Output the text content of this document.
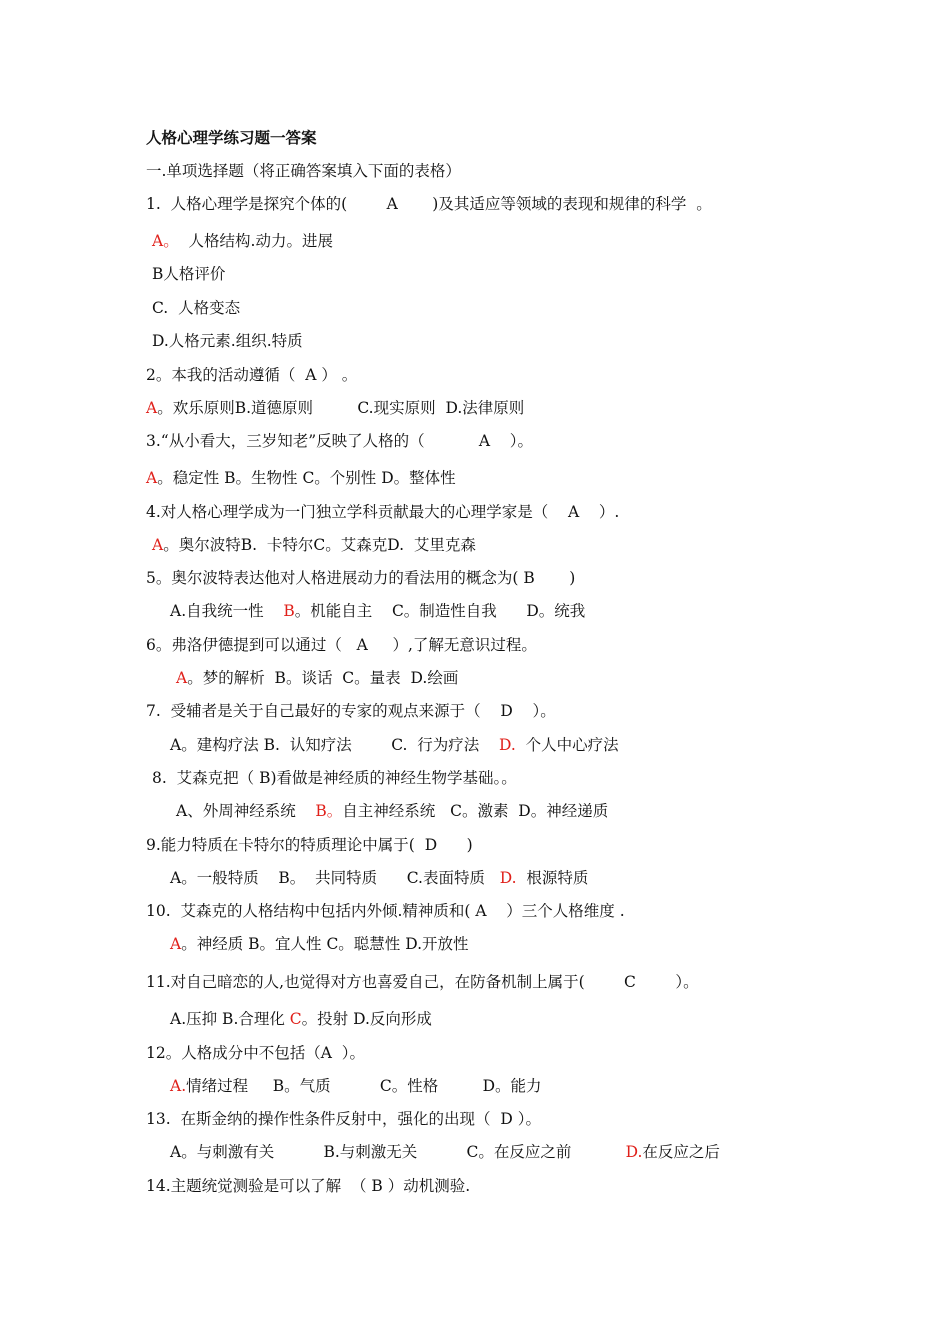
人格心理学练习题一答案
一.单项选择题（将正确答案填入下面的表格）
1.  人格心理学是探究个体的(        A       )及其适应等领域的表现和规律的科学  。
A。  人格结构.动力。进展
B人格评价
C.  人格变态
D.人格元素.组织.特质
2。本我的活动遵循（  A ） 。
A。欢乐原则B.道德原则         C.现实原则  D.法律原则
3.“从小看大，三岁知老”反映了人格的（           A    ）。
A。稳定性 B。生物性 C。个别性 D。整体性
4.对人格心理学成为一门独立学科贡献最大的心理学家是（    A    ）.
A。奥尔波特B.  卡特尔C。艾森克D.  艾里克森
5。奥尔波特表达他对人格进展动力的看法用的概念为( B       )
A.自我统一性    B。机能自主    C。制造性自我      D。统我
6。弗洛伊德提到可以通过（   A     ）,了解无意识过程。
A。梦的解析  B。谈话  C。量表  D.绘画
7.  受辅者是关于自己最好的专家的观点来源于（    D    ）。
A。建构疗法 B.  认知疗法        C.  行为疗法    D.  个人中心疗法
8.  艾森克把（ B)看做是神经质的神经生物学基础。。
A、外周神经系统    B。自主神经系统   C。激素  D。神经递质
9.能力特质在卡特尔的特质理论中属于(  D      )
A。一般特质    B。  共同特质      C.表面特质   D.  根源特质
10.  艾森克的人格结构中包括内外倾.精神质和( A    ）三个人格维度 .
A。神经质 B。宜人性 C。聪慧性 D.开放性
11.对自己暗恋的人,也觉得对方也喜爱自己，在防备机制上属于(        C        ）。
A.压抑 B.合理化 C。投射 D.反向形成
12。人格成分中不包括（A  ）。
A.情绪过程     B。气质          C。性格         D。能力
13.  在斯金纳的操作性条件反射中，强化的出现（  D ）。
A。与刺激有关          B.与刺激无关          C。在反应之前           D.在反应之后
14.主题统觉测验是可以了解  （ B ）动机测验.
